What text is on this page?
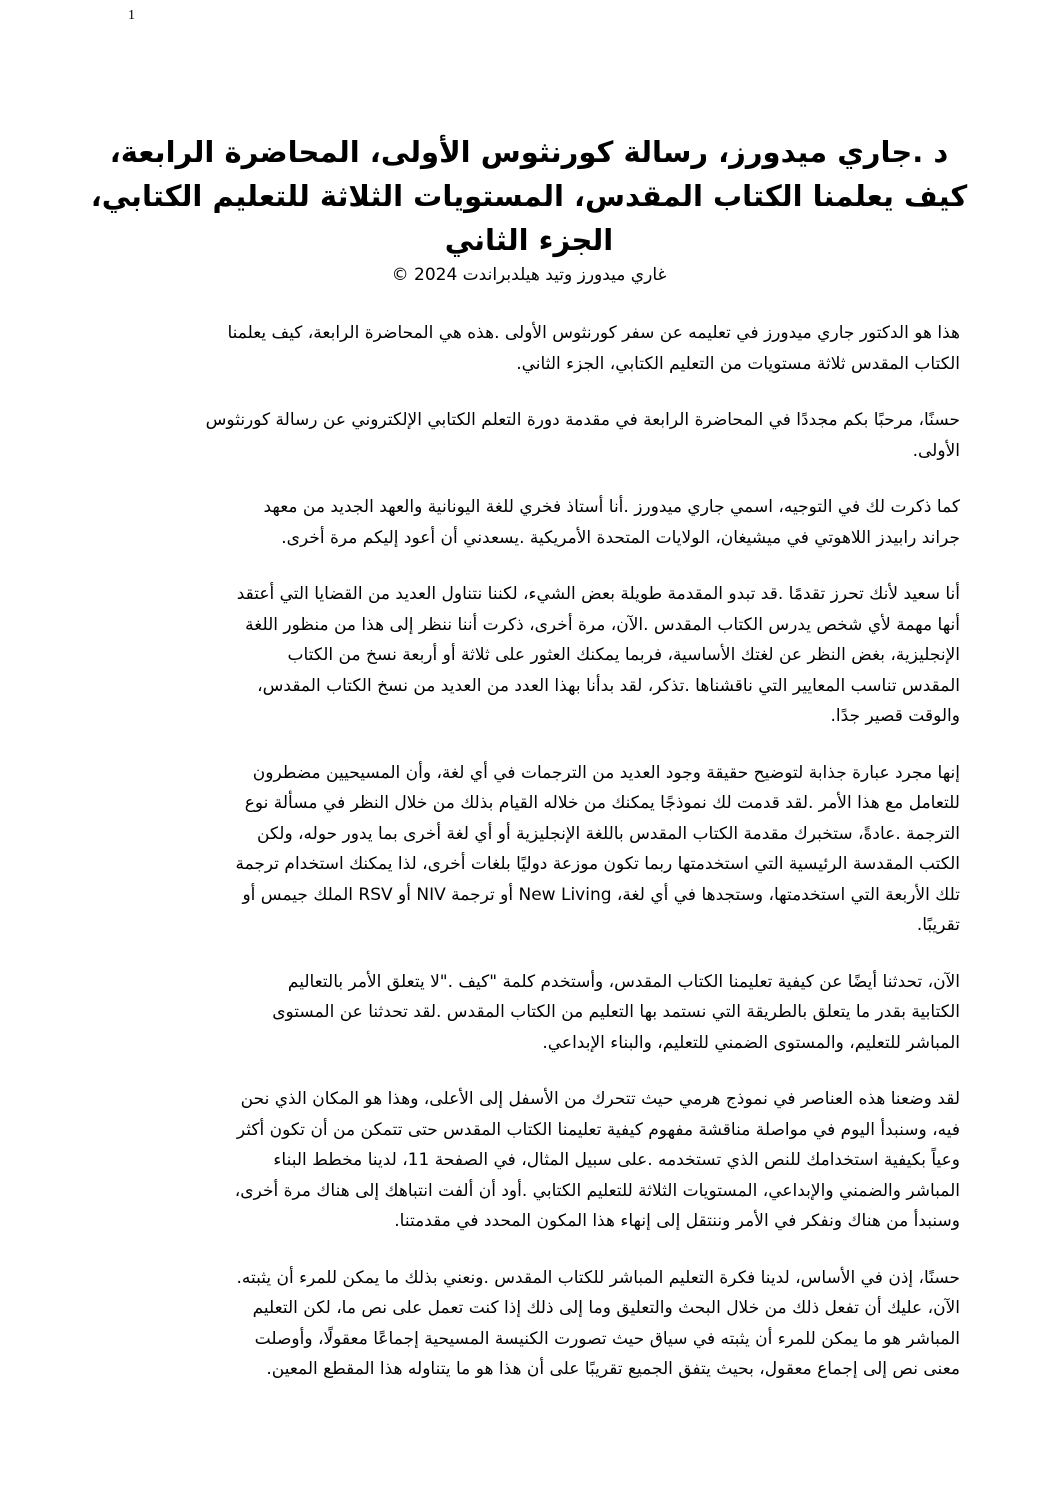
1
د .جاري ميدورز، رسالة كورنثوس الأولى، المحاضرة الرابعة،
كيف يعلمنا الكتاب المقدس، المستويات الثلاثة للتعليم الكتابي،
الجزء الثاني
غاري ميدورز وتيد هيلدبراندت 2024 ©
هذا هو الدكتور جاري ميدورز في تعليمه عن سفر كورنثوس الأولى .هذه هي المحاضرة الرابعة، كيف يعلمنا
الكتاب المقدس ثلاثة مستويات من التعليم الكتابي، الجزء الثاني.
حسنًا، مرحبًا بكم مجددًا في المحاضرة الرابعة في مقدمة دورة التعلم الكتابي الإلكتروني عن رسالة كورنثوس
الأولى.
كما ذكرت لك في التوجيه، اسمي جاري ميدورز .أنا أستاذ فخري للغة اليونانية والعهد الجديد من معهد
جراند رابيدز اللاهوتي في ميشيغان، الولايات المتحدة الأمريكية .يسعدني أن أعود إليكم مرة أخرى.
أنا سعيد لأنك تحرز تقدمًا .قد تبدو المقدمة طويلة بعض الشيء، لكننا نتناول العديد من القضايا التي أعتقد
أنها مهمة لأي شخص يدرس الكتاب المقدس .الآن، مرة أخرى، ذكرت أننا ننظر إلى هذا من منظور اللغة
الإنجليزية، بغض النظر عن لغتك الأساسية، فربما يمكنك العثور على ثلاثة أو أربعة نسخ من الكتاب
المقدس تناسب المعايير التي ناقشناها .تذكر، لقد بدأنا بهذا العدد من العديد من نسخ الكتاب المقدس،
والوقت قصير جدًا.
إنها مجرد عبارة جذابة لتوضيح حقيقة وجود العديد من الترجمات في أي لغة، وأن المسيحيين مضطرون
للتعامل مع هذا الأمر .لقد قدمت لك نموذجًا يمكنك من خلاله القيام بذلك من خلال النظر في مسألة نوع
الترجمة .عادةً، ستخبرك مقدمة الكتاب المقدس باللغة الإنجليزية أو أي لغة أخرى بما يدور حوله، ولكن
الكتب المقدسة الرئيسية التي استخدمتها ربما تكون موزعة دوليًا بلغات أخرى، لذا يمكنك استخدام ترجمة
تلك الأربعة التي استخدمتها، وستجدها في أي لغة، New Living أو ترجمة NIV أو RSV الملك جيمس أو
تقريبًا.
الآن، تحدثنا أيضًا عن كيفية تعليمنا الكتاب المقدس، وأستخدم كلمة "كيف ."لا يتعلق الأمر بالتعاليم
الكتابية بقدر ما يتعلق بالطريقة التي نستمد بها التعليم من الكتاب المقدس .لقد تحدثنا عن المستوى
المباشر للتعليم، والمستوى الضمني للتعليم، والبناء الإبداعي.
لقد وضعنا هذه العناصر في نموذج هرمي حيث تتحرك من الأسفل إلى الأعلى، وهذا هو المكان الذي نحن
فيه، وسنبدأ اليوم في مواصلة مناقشة مفهوم كيفية تعليمنا الكتاب المقدس حتى تتمكن من أن تكون أكثر
وعياً بكيفية استخدامك للنص الذي تستخدمه .على سبيل المثال، في الصفحة 11، لدينا مخطط البناء
المباشر والضمني والإبداعي، المستويات الثلاثة للتعليم الكتابي .أود أن ألفت انتباهك إلى هناك مرة أخرى،
وسنبدأ من هناك ونفكر في الأمر وننتقل إلى إنهاء هذا المكون المحدد في مقدمتنا.
حسنًا، إذن في الأساس، لدينا فكرة التعليم المباشر للكتاب المقدس .ونعني بذلك ما يمكن للمرء أن يثبته.
الآن، عليك أن تفعل ذلك من خلال البحث والتعليق وما إلى ذلك إذا كنت تعمل على نص ما، لكن التعليم
المباشر هو ما يمكن للمرء أن يثبته في سياق حيث تصورت الكنيسة المسيحية إجماعًا معقولًا، وأوصلت
معنى نص إلى إجماع معقول، بحيث يتفق الجميع تقريبًا على أن هذا هو ما يتناوله هذا المقطع المعين.
